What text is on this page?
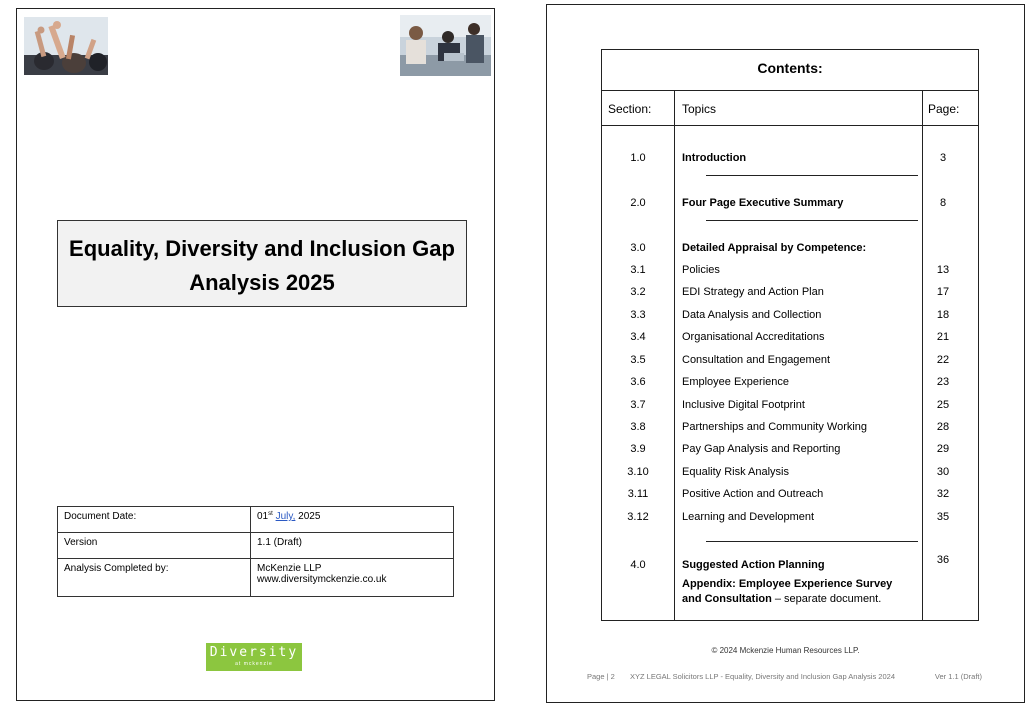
Equality, Diversity and Inclusion Gap
Analysis 2025
Document Date:	01st July, 2025
Version	1.1 (Draft)
Analysis Completed by:	McKenzie LLP
www.diversitymckenzie.co.uk
Diversity
at mckenzie
Contents:
Section:	Topics	Page:
1.0	Introduction	3
2.0	Four Page Executive Summary	8
3.0	Detailed Appraisal by Competence:
3.1	Policies	13
3.2	EDI Strategy and Action Plan	17
3.3	Data Analysis and Collection	18
3.4	Organisational Accreditations	21
3.5	Consultation and Engagement	22
3.6	Employee Experience	23
3.7	Inclusive Digital Footprint	25
3.8	Partnerships and Community Working	28
3.9	Pay Gap Analysis and Reporting	29
3.10	Equality Risk Analysis	30
3.11	Positive Action and Outreach	32
3.12	Learning and Development	35
4.0	Suggested Action Planning	36
Appendix: Employee Experience Survey
and Consultation – separate document.
© 2024 Mckenzie Human Resources LLP.
Page | 2 XYZ LEGAL Solicitors LLP - Equality, Diversity and Inclusion Gap Analysis 2024	Ver 1.1 (Draft)
